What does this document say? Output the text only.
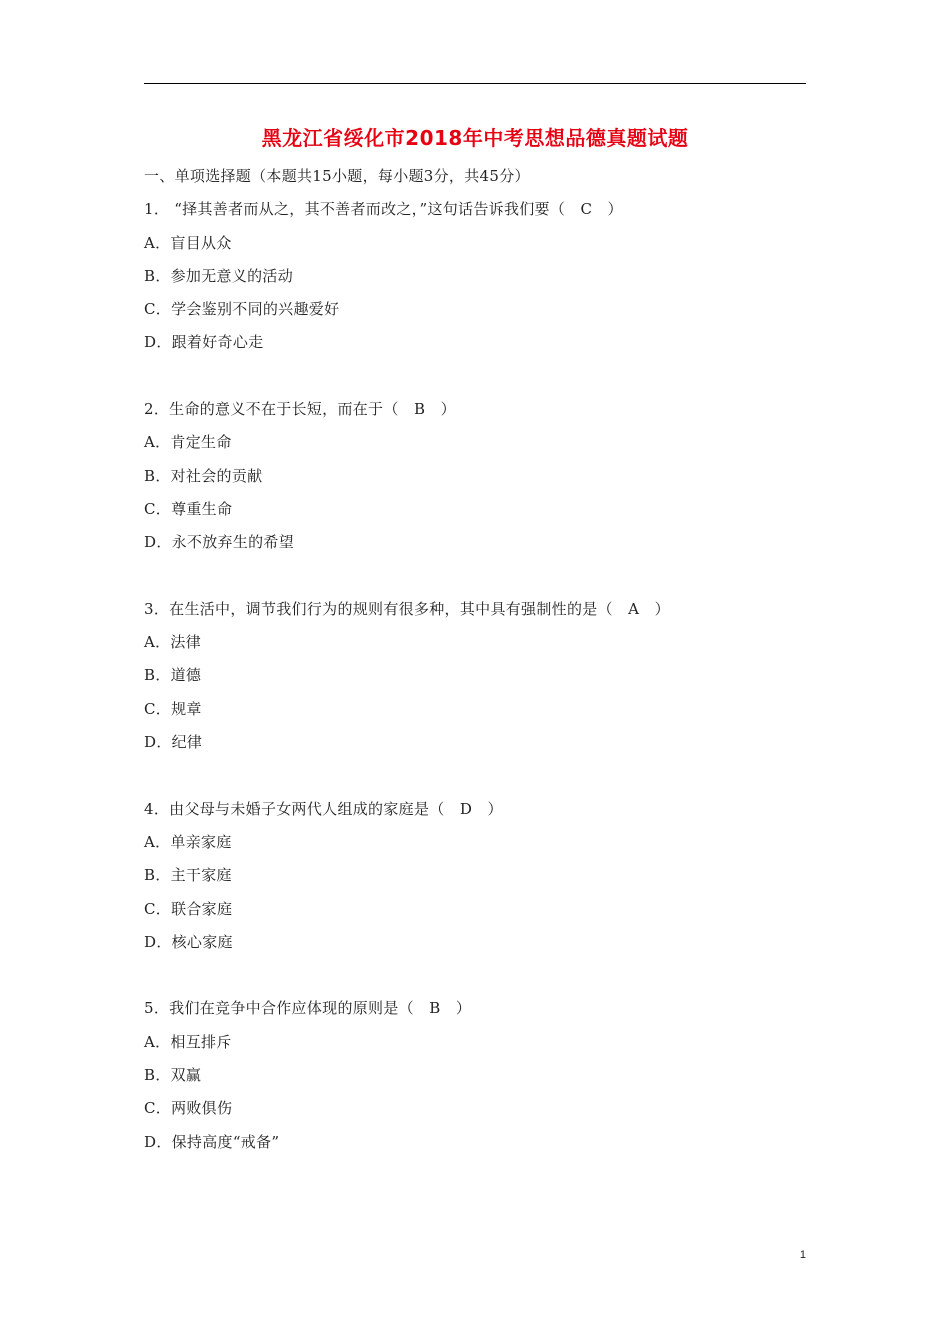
黑龙江省绥化市2018年中考思想品德真题试题
一、单项选择题（本题共15小题，每小题3分，共45分）
1． “择其善者而从之，其不善者而改之，”这句话告诉我们要（　C　）
A．盲目从众
B．参加无意义的活动
C．学会鉴别不同的兴趣爱好
D．跟着好奇心走
2．生命的意义不在于长短，而在于（　B　）
A．肯定生命
B．对社会的贡献
C．尊重生命
D．永不放弃生的希望
3．在生活中，调节我们行为的规则有很多种，其中具有强制性的是（　A　）
A．法律
B．道德
C．规章
D．纪律
4．由父母与未婚子女两代人组成的家庭是（　D　）
A．单亲家庭
B．主干家庭
C．联合家庭
D．核心家庭
5．我们在竞争中合作应体现的原则是（　B　）
A．相互排斥
B．双赢
C．两败俱伤
D．保持高度“戒备”
1
